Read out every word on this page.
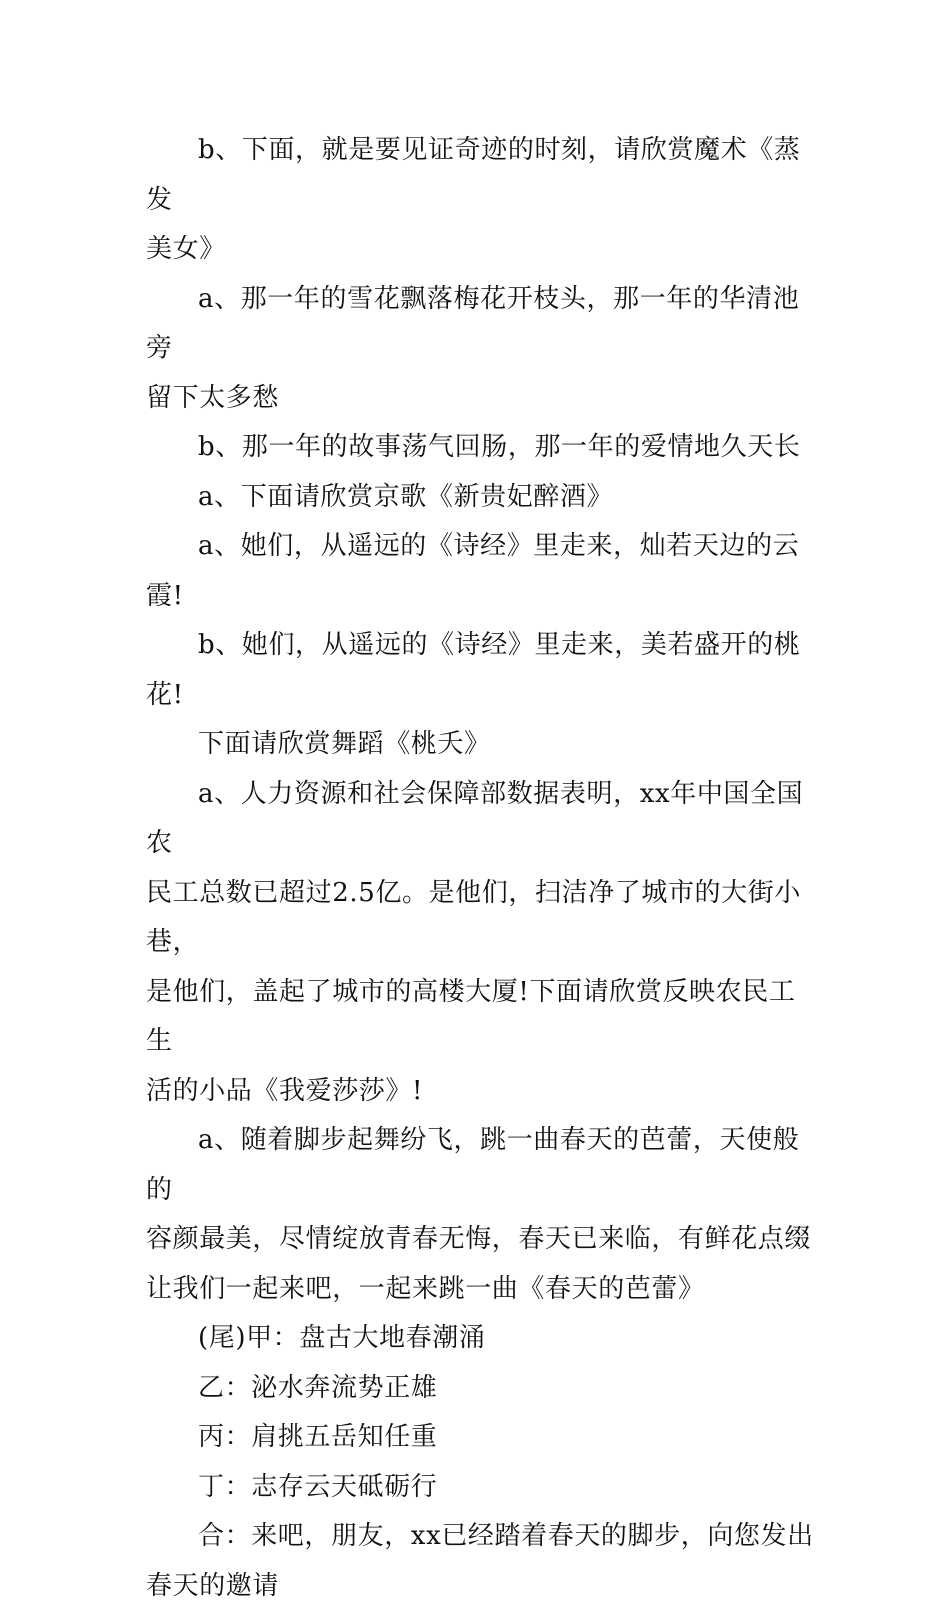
b、下面，就是要见证奇迹的时刻，请欣赏魔术《蒸发
美女》

a、那一年的雪花飘落梅花开枝头，那一年的华清池旁
留下太多愁

b、那一年的故事荡气回肠，那一年的爱情地久天长

a、下面请欣赏京歌《新贵妃醉酒》

a、她们，从遥远的《诗经》里走来，灿若天边的云霞!

b、她们，从遥远的《诗经》里走来，美若盛开的桃花!

下面请欣赏舞蹈《桃夭》

a、人力资源和社会保障部数据表明，xx年中国全国农
民工总数已超过2.5亿。是他们，扫洁净了城市的大街小巷，
是他们，盖起了城市的高楼大厦!下面请欣赏反映农民工生
活的小品《我爱莎莎》!

a、随着脚步起舞纷飞，跳一曲春天的芭蕾，天使般的
容颜最美，尽情绽放青春无悔，春天已来临，有鲜花点缀
让我们一起来吧，一起来跳一曲《春天的芭蕾》

(尾)甲：盘古大地春潮涌

乙：泌水奔流势正雄

丙：肩挑五岳知任重

丁：志存云天砥砺行

合：来吧，朋友，xx已经踏着春天的脚步，向您发出
春天的邀请
